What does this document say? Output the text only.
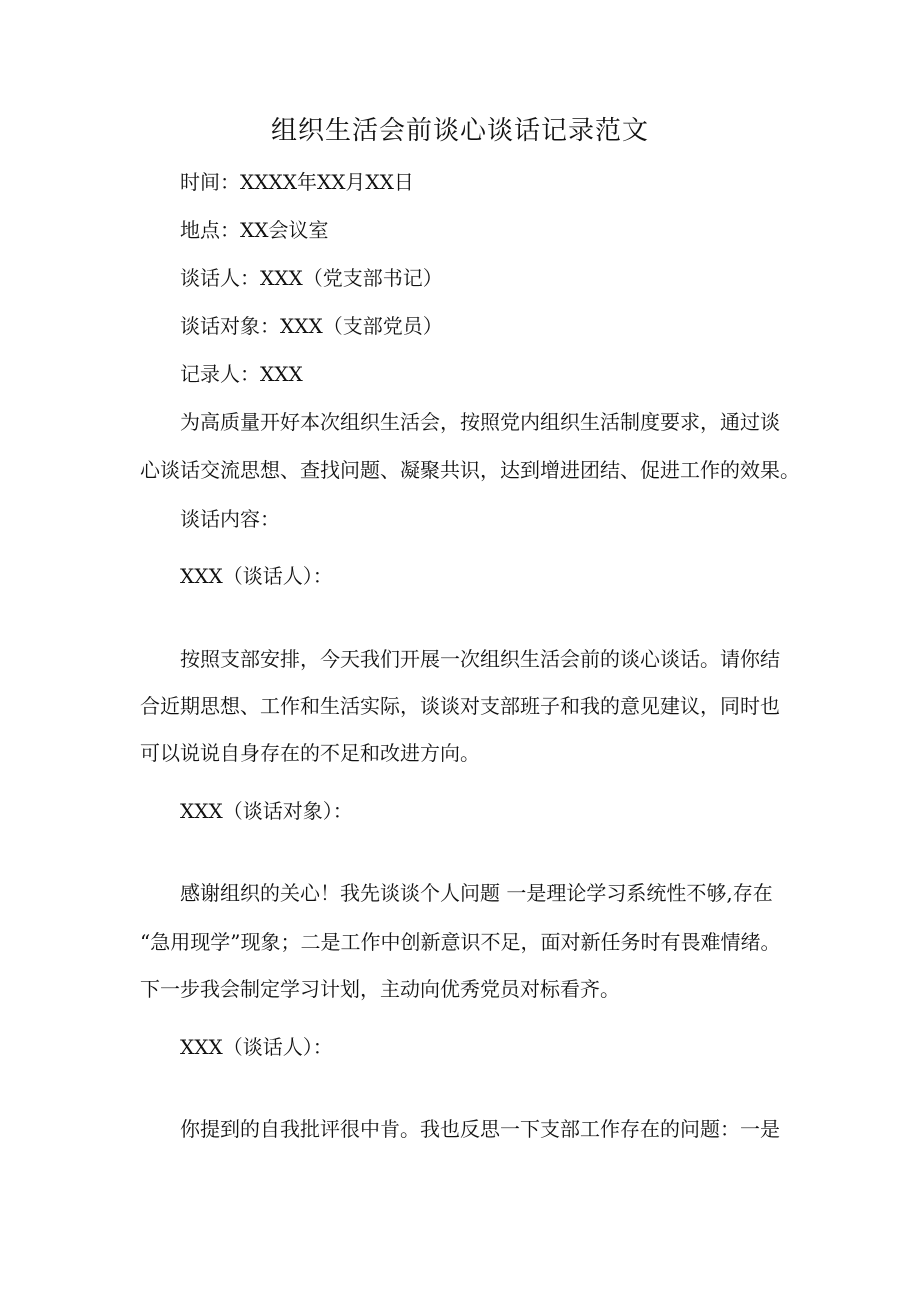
组织生活会前谈心谈话记录范文
时间：XXXX年XX月XX日
地点：XX会议室
谈话人：XXX（党支部书记）
谈话对象：XXX（支部党员）
记录人：XXX
为高质量开好本次组织生活会，按照党内组织生活制度要求，通过谈
心谈话交流思想、查找问题、凝聚共识，达到增进团结、促进工作的效果。
谈话内容：
XXX（谈话人）：
按照支部安排，今天我们开展一次组织生活会前的谈心谈话。请你结
合近期思想、工作和生活实际，谈谈对支部班子和我的意见建议，同时也
可以说说自身存在的不足和改进方向。
XXX（谈话对象）：
感谢组织的关心！我先谈谈个人问题 一是理论学习系统性不够,存在
“急用现学”现象；二是工作中创新意识不足，面对新任务时有畏难情绪。
下一步我会制定学习计划，主动向优秀党员对标看齐。
XXX（谈话人）：
你提到的自我批评很中肯。我也反思一下支部工作存在的问题：一是
